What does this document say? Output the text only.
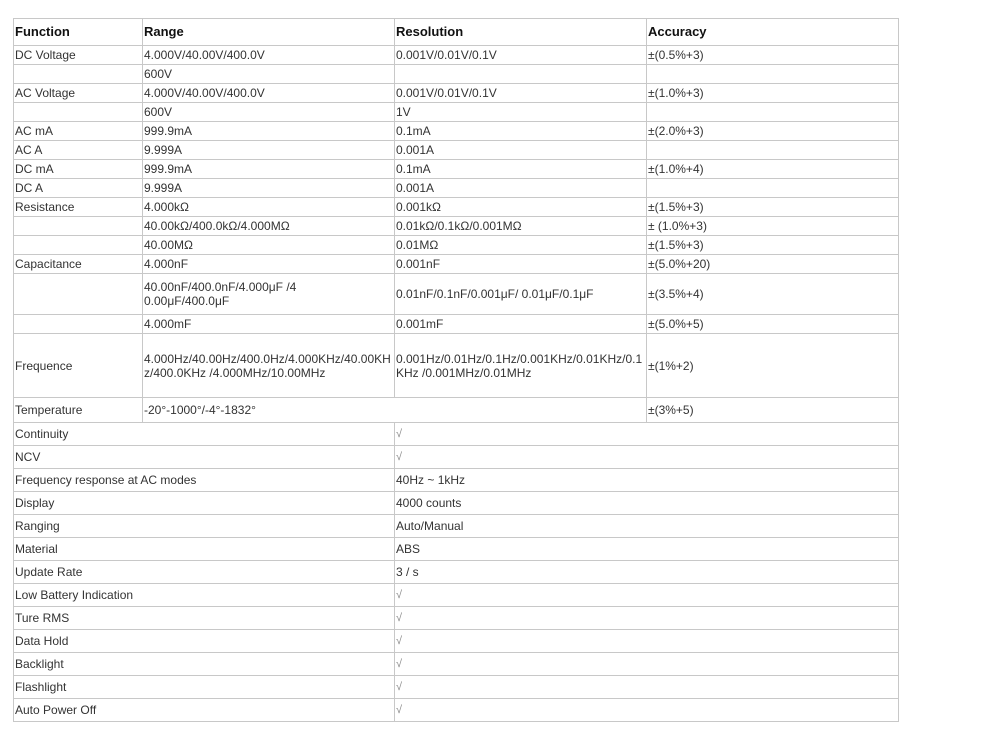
Function	Range	Resolution	Accuracy
DC Voltage	4.000V/40.00V/400.0V	0.001V/0.01V/0.1V	±(0.5%+3)
	600V		
AC Voltage	4.000V/40.00V/400.0V	0.001V/0.01V/0.1V	±(1.0%+3)
	600V	1V	
AC mA	999.9mA	0.1mA	±(2.0%+3)
AC A	9.999A	0.001A	
DC mA	999.9mA	0.1mA	±(1.0%+4)
DC A	9.999A	0.001A	
Resistance	4.000kΩ	0.001kΩ	±(1.5%+3)
	40.00kΩ/400.0kΩ/4.000MΩ	0.01kΩ/0.1kΩ/0.001MΩ	± (1.0%+3)
	40.00MΩ	0.01MΩ	±(1.5%+3)
Capacitance	4.000nF	0.001nF	±(5.0%+20)
	40.00nF/400.0nF/4.000μF /40.00μF/400.0μF	0.01nF/0.1nF/0.001μF/ 0.01μF/0.1μF	±(3.5%+4)
	4.000mF	0.001mF	±(5.0%+5)
Frequence	4.000Hz/40.00Hz/400.0Hz/4.000KHz/40.00KHz/400.0KHz /4.000MHz/10.00MHz	0.001Hz/0.01Hz/0.1Hz/0.001KHz/0.01KHz/0.1KHz /0.001MHz/0.01MHz	±(1%+2)
Temperature	-20°-1000°/-4°-1832°		±(3%+5)
Continuity		√	
NCV		√	
Frequency response at AC modes		40Hz ~ 1kHz	
Display		4000 counts	
Ranging		Auto/Manual	
Material		ABS	
Update Rate		3 / s	
Low Battery Indication		√	
Ture RMS		√	
Data Hold		√	
Backlight		√	
Flashlight		√	
Auto Power Off		√	
